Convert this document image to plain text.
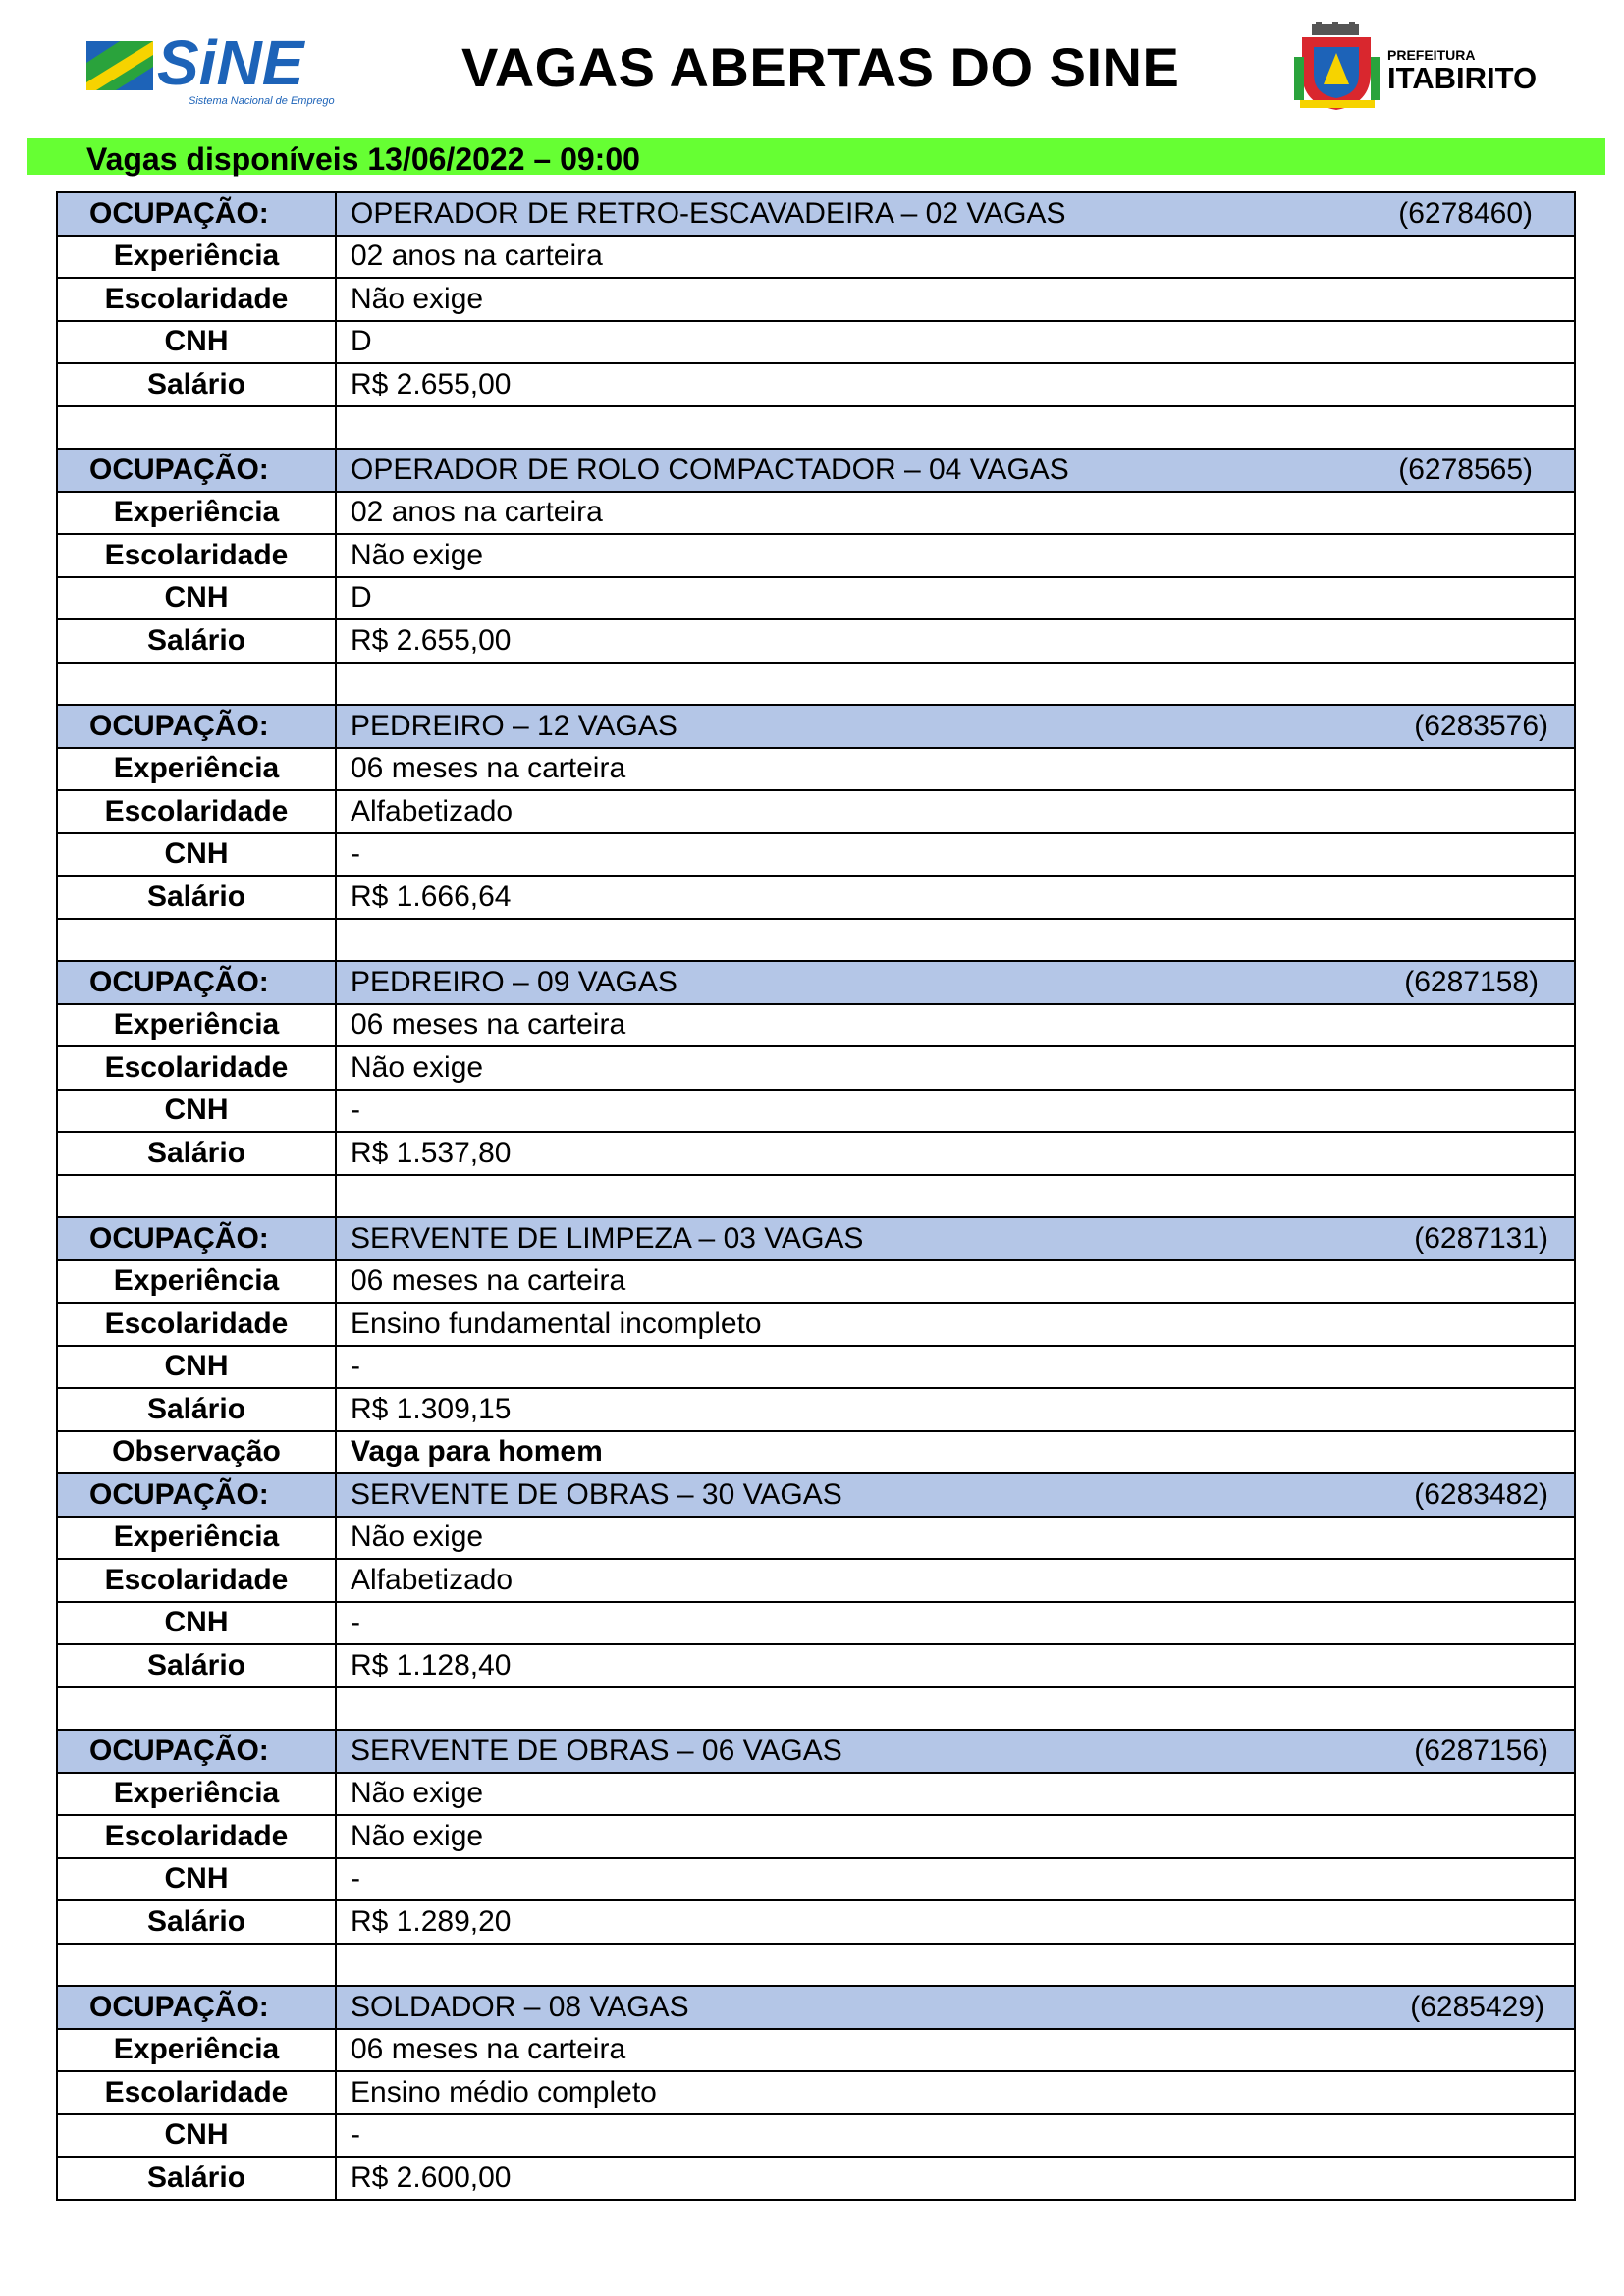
SiNE
Sistema Nacional de Emprego
VAGAS ABERTAS DO SINE	PREFEITURA
ITABIRITO
Vagas disponíveis 13/06/2022 – 09:00
OCUPAÇÃO:	OPERADOR DE RETRO-ESCAVADEIRA – 02 VAGAS (6278460)

Experiência	02 anos na carteira
Escolaridade	Não exige
CNH	D
Salário	R$ 2.655,00

OCUPAÇÃO:	OPERADOR DE ROLO COMPACTADOR – 04 VAGAS (6278565)

Experiência	02 anos na carteira
Escolaridade	Não exige
CNH	D
Salário	R$ 2.655,00

OCUPAÇÃO:	PEDREIRO – 12 VAGAS (6283576)

Experiência	06 meses na carteira
Escolaridade	Alfabetizado
CNH	-
Salário	R$ 1.666,64

OCUPAÇÃO:	PEDREIRO – 09 VAGAS (6287158)

Experiência	06 meses na carteira
Escolaridade	Não exige
CNH	-
Salário	R$ 1.537,80

OCUPAÇÃO:	SERVENTE DE LIMPEZA – 03 VAGAS (6287131)

Experiência	06 meses na carteira
Escolaridade	Ensino fundamental incompleto
CNH	-
Salário	R$ 1.309,15
Observação	Vaga para homem
OCUPAÇÃO:	SERVENTE DE OBRAS – 30 VAGAS (6283482)

Experiência	Não exige
Escolaridade	Alfabetizado
CNH	-
Salário	R$ 1.128,40

OCUPAÇÃO:	SERVENTE DE OBRAS – 06 VAGAS (6287156)

Experiência	Não exige
Escolaridade	Não exige
CNH	-
Salário	R$ 1.289,20

OCUPAÇÃO:	SOLDADOR – 08 VAGAS (6285429)

Experiência	06 meses na carteira
Escolaridade	Ensino médio completo
CNH	-
Salário	R$ 2.600,00
